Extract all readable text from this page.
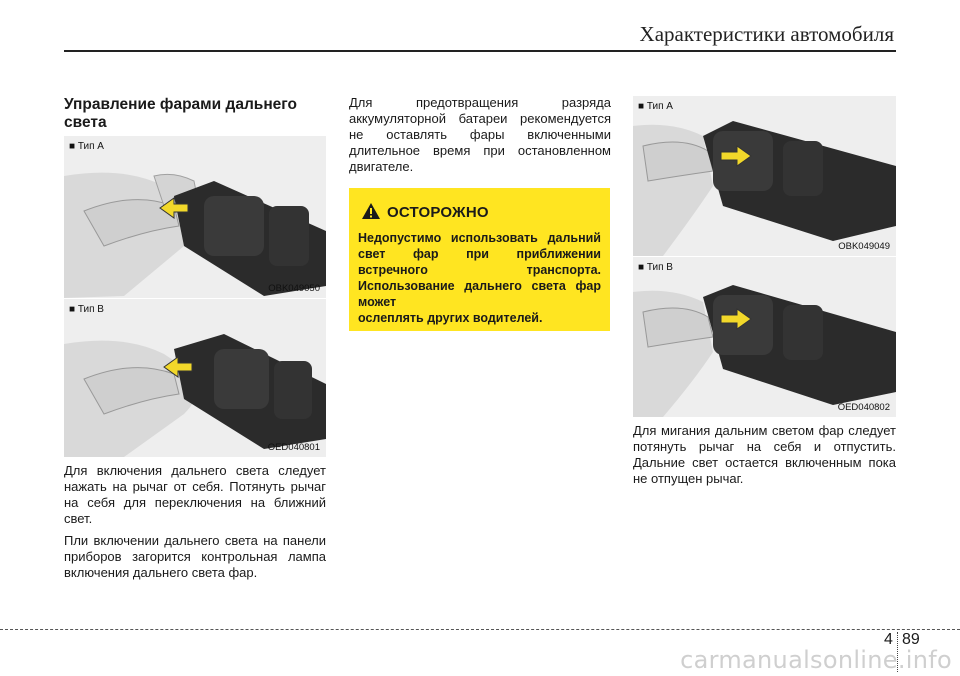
Характеристики автомобиля
Управление фарами дальнего света
■ Тип A
OBK049050
■ Тип B
OED040801

Для включения дальнего света следует нажать на рычаг от себя. Потянуть рычаг на себя для переключения на ближний свет.

Пли включении дальнего света на панели приборов загорится контрольная лампа включения дальнего света фар.

Для предотвращения разряда аккумуляторной батареи рекомендуется не оставлять фары включенными длительное время при остановленном двигателе.

ОСТОРОЖНО
Недопустимо использовать дальний свет фар при приближении встречного транспорта. Использование дальнего света фар может
ослеплять других водителей.
■ Тип A
OBK049049
■ Тип B
OED040802

Для мигания дальним светом фар следует потянуть рычаг на себя и отпустить. Дальние свет остается включенным пока не отпущен рычаг.

4 89
carmanualsonline.info
